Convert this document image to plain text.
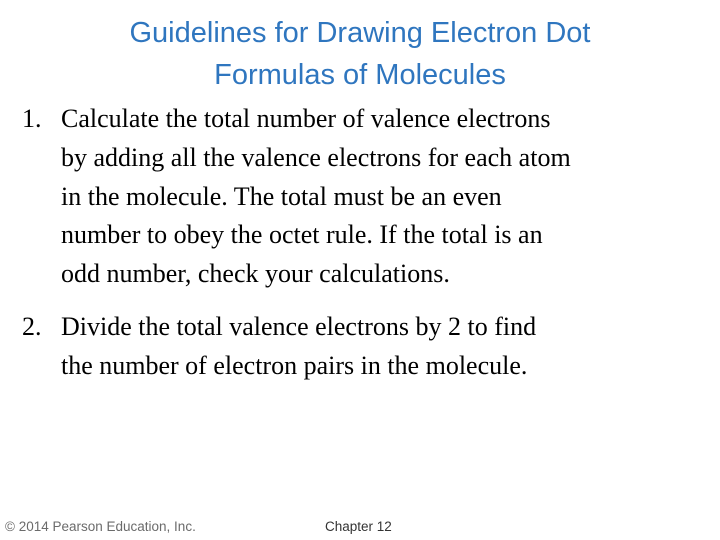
Guidelines for Drawing Electron Dot
Formulas of Molecules
1. Calculate the total number of valence electrons
by adding all the valence electrons for each atom
in the molecule. The total must be an even
number to obey the octet rule. If the total is an
odd number, check your calculations.
2. Divide the total valence electrons by 2 to find
the number of electron pairs in the molecule.
© 2014 Pearson Education, Inc.	Chapter 12
